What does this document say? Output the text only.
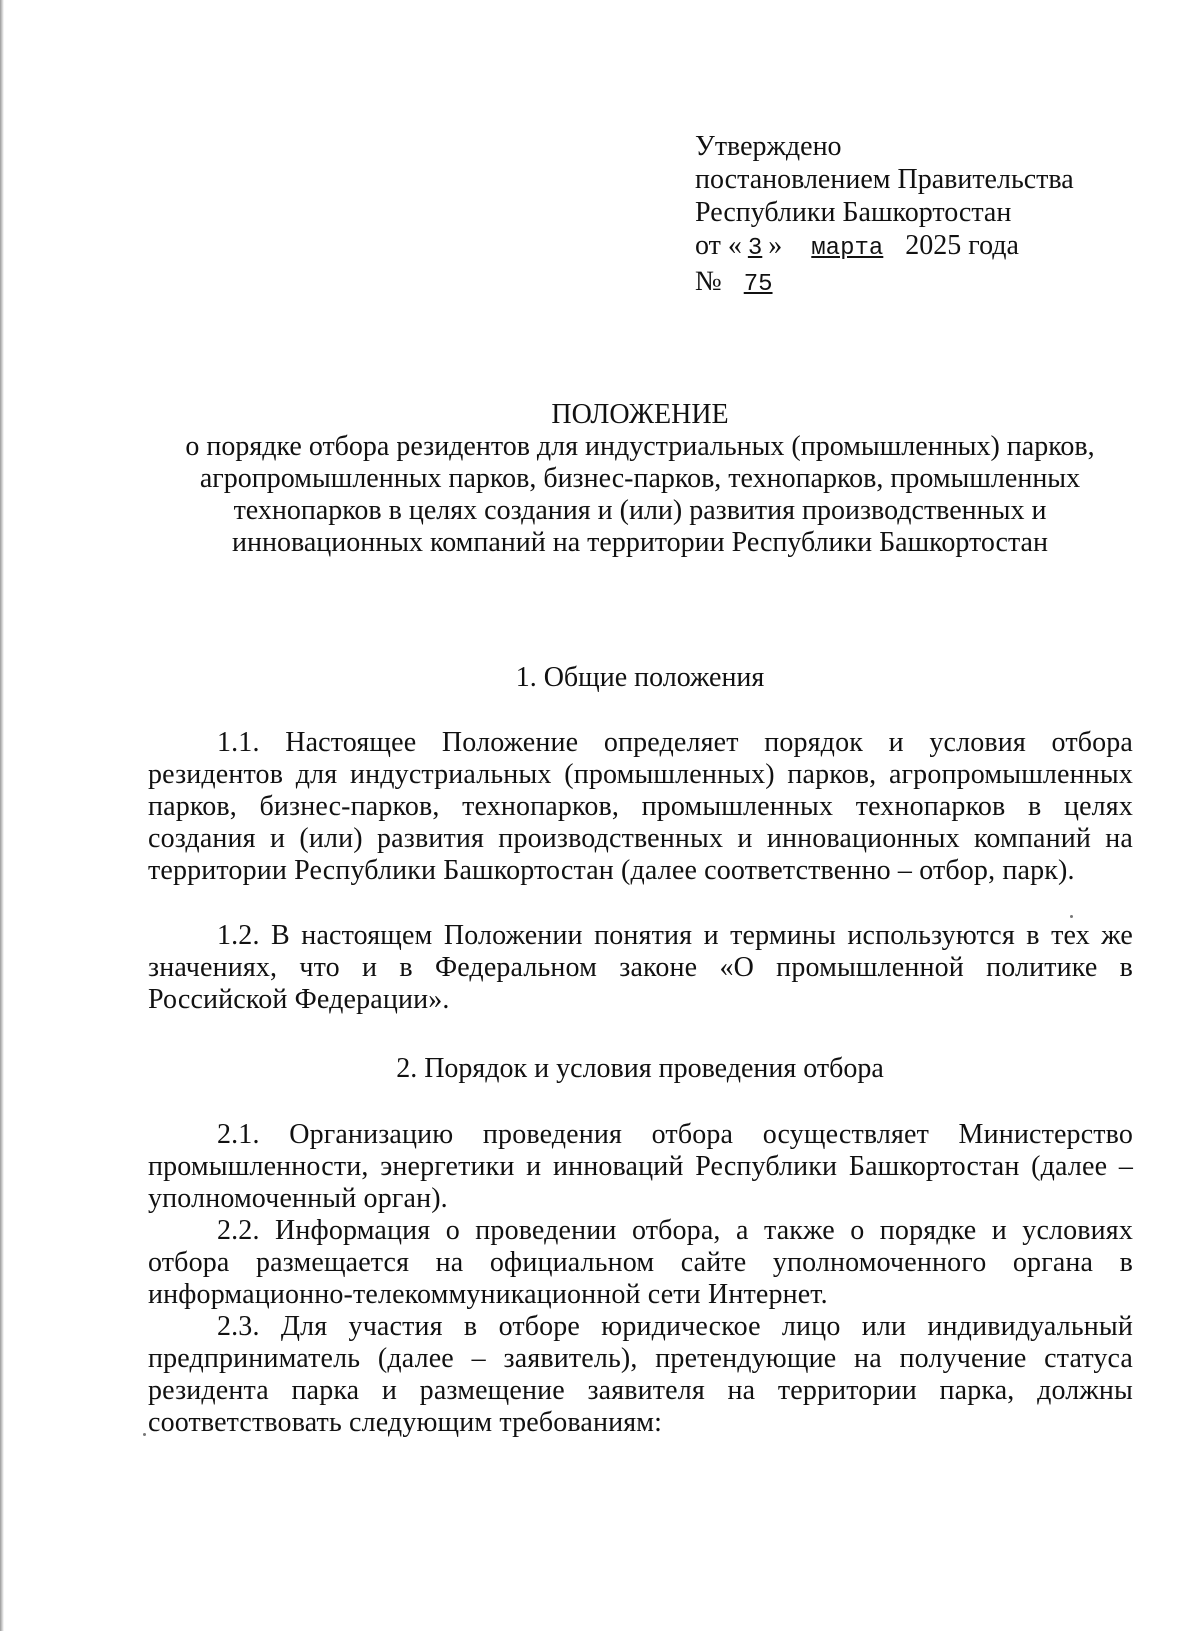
Утверждено
постановлением Правительства
Республики Башкортостан
от « 3 » марта 2025 года
№ 75
ПОЛОЖЕНИЕ
о порядке отбора резидентов для индустриальных (промышленных) парков, агропромышленных парков, бизнес-парков, технопарков, промышленных технопарков в целях создания и (или) развития производственных и инновационных компаний на территории Республики Башкортостан
1. Общие положения
1.1. Настоящее Положение определяет порядок и условия отбора резидентов для индустриальных (промышленных) парков, агропромышленных парков, бизнес-парков, технопарков, промышленных технопарков в целях создания и (или) развития производственных и инновационных компаний на территории Республики Башкортостан (далее соответственно – отбор, парк).
1.2. В настоящем Положении понятия и термины используются в тех же значениях, что и в Федеральном законе «О промышленной политике в Российской Федерации».
2. Порядок и условия проведения отбора
2.1. Организацию проведения отбора осуществляет Министерство промышленности, энергетики и инноваций Республики Башкортостан (далее – уполномоченный орган).
2.2. Информация о проведении отбора, а также о порядке и условиях отбора размещается на официальном сайте уполномоченного органа в информационно-телекоммуникационной сети Интернет.
2.3. Для участия в отборе юридическое лицо или индивидуальный предприниматель (далее – заявитель), претендующие на получение статуса резидента парка и размещение заявителя на территории парка, должны соответствовать следующим требованиям:
